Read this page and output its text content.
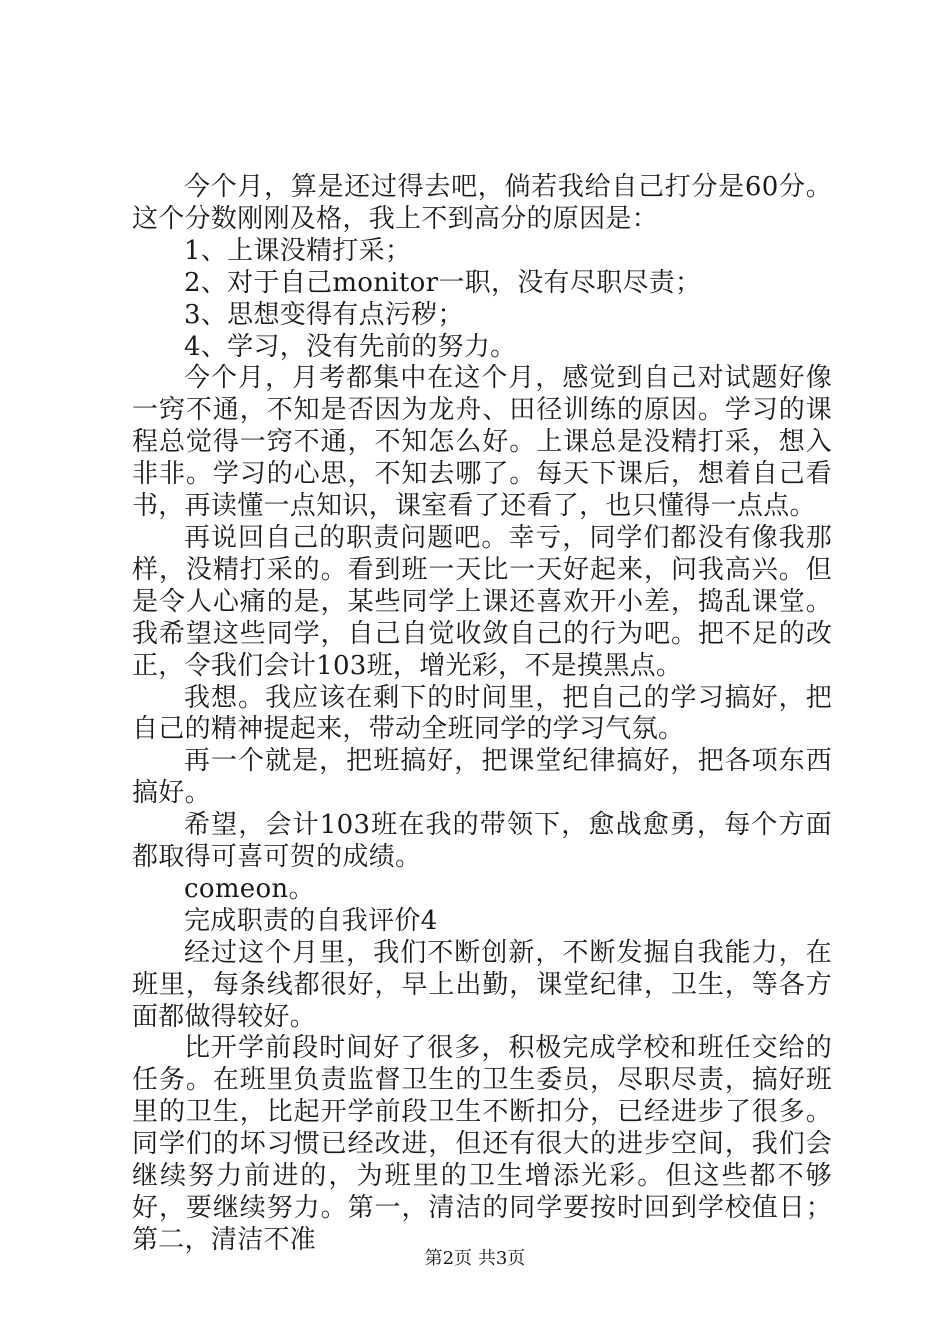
今个月，算是还过得去吧，倘若我给自己打分是60分。这个分数刚刚及格，我上不到高分的原因是：

1、上课没精打采；

2、对于自己monitor一职，没有尽职尽责；

3、思想变得有点污秽；

4、学习，没有先前的努力。

今个月，月考都集中在这个月，感觉到自己对试题好像一窍不通，不知是否因为龙舟、田径训练的原因。学习的课程总觉得一窍不通，不知怎么好。上课总是没精打采，想入非非。学习的心思，不知去哪了。每天下课后，想着自己看书，再读懂一点知识，课室看了还看了，也只懂得一点点。

再说回自己的职责问题吧。幸亏，同学们都没有像我那样，没精打采的。看到班一天比一天好起来，问我高兴。但是令人心痛的是，某些同学上课还喜欢开小差，捣乱课堂。我希望这些同学，自己自觉收敛自己的行为吧。把不足的改正，令我们会计103班，增光彩，不是摸黑点。

我想。我应该在剩下的时间里，把自己的学习搞好，把自己的精神提起来，带动全班同学的学习气氛。

再一个就是，把班搞好，把课堂纪律搞好，把各项东西搞好。

希望，会计103班在我的带领下，愈战愈勇，每个方面都取得可喜可贺的成绩。

comeon。

完成职责的自我评价4

经过这个月里，我们不断创新，不断发掘自我能力，在班里，每条线都很好，早上出勤，课堂纪律，卫生，等各方面都做得较好。

比开学前段时间好了很多，积极完成学校和班任交给的任务。在班里负责监督卫生的卫生委员，尽职尽责，搞好班里的卫生，比起开学前段卫生不断扣分，已经进步了很多。同学们的坏习惯已经改进，但还有很大的进步空间，我们会继续努力前进的，为班里的卫生增添光彩。但这些都不够好，要继续努力。第一，清洁的同学要按时回到学校值日；第二，清洁不准

第2页 共3页
